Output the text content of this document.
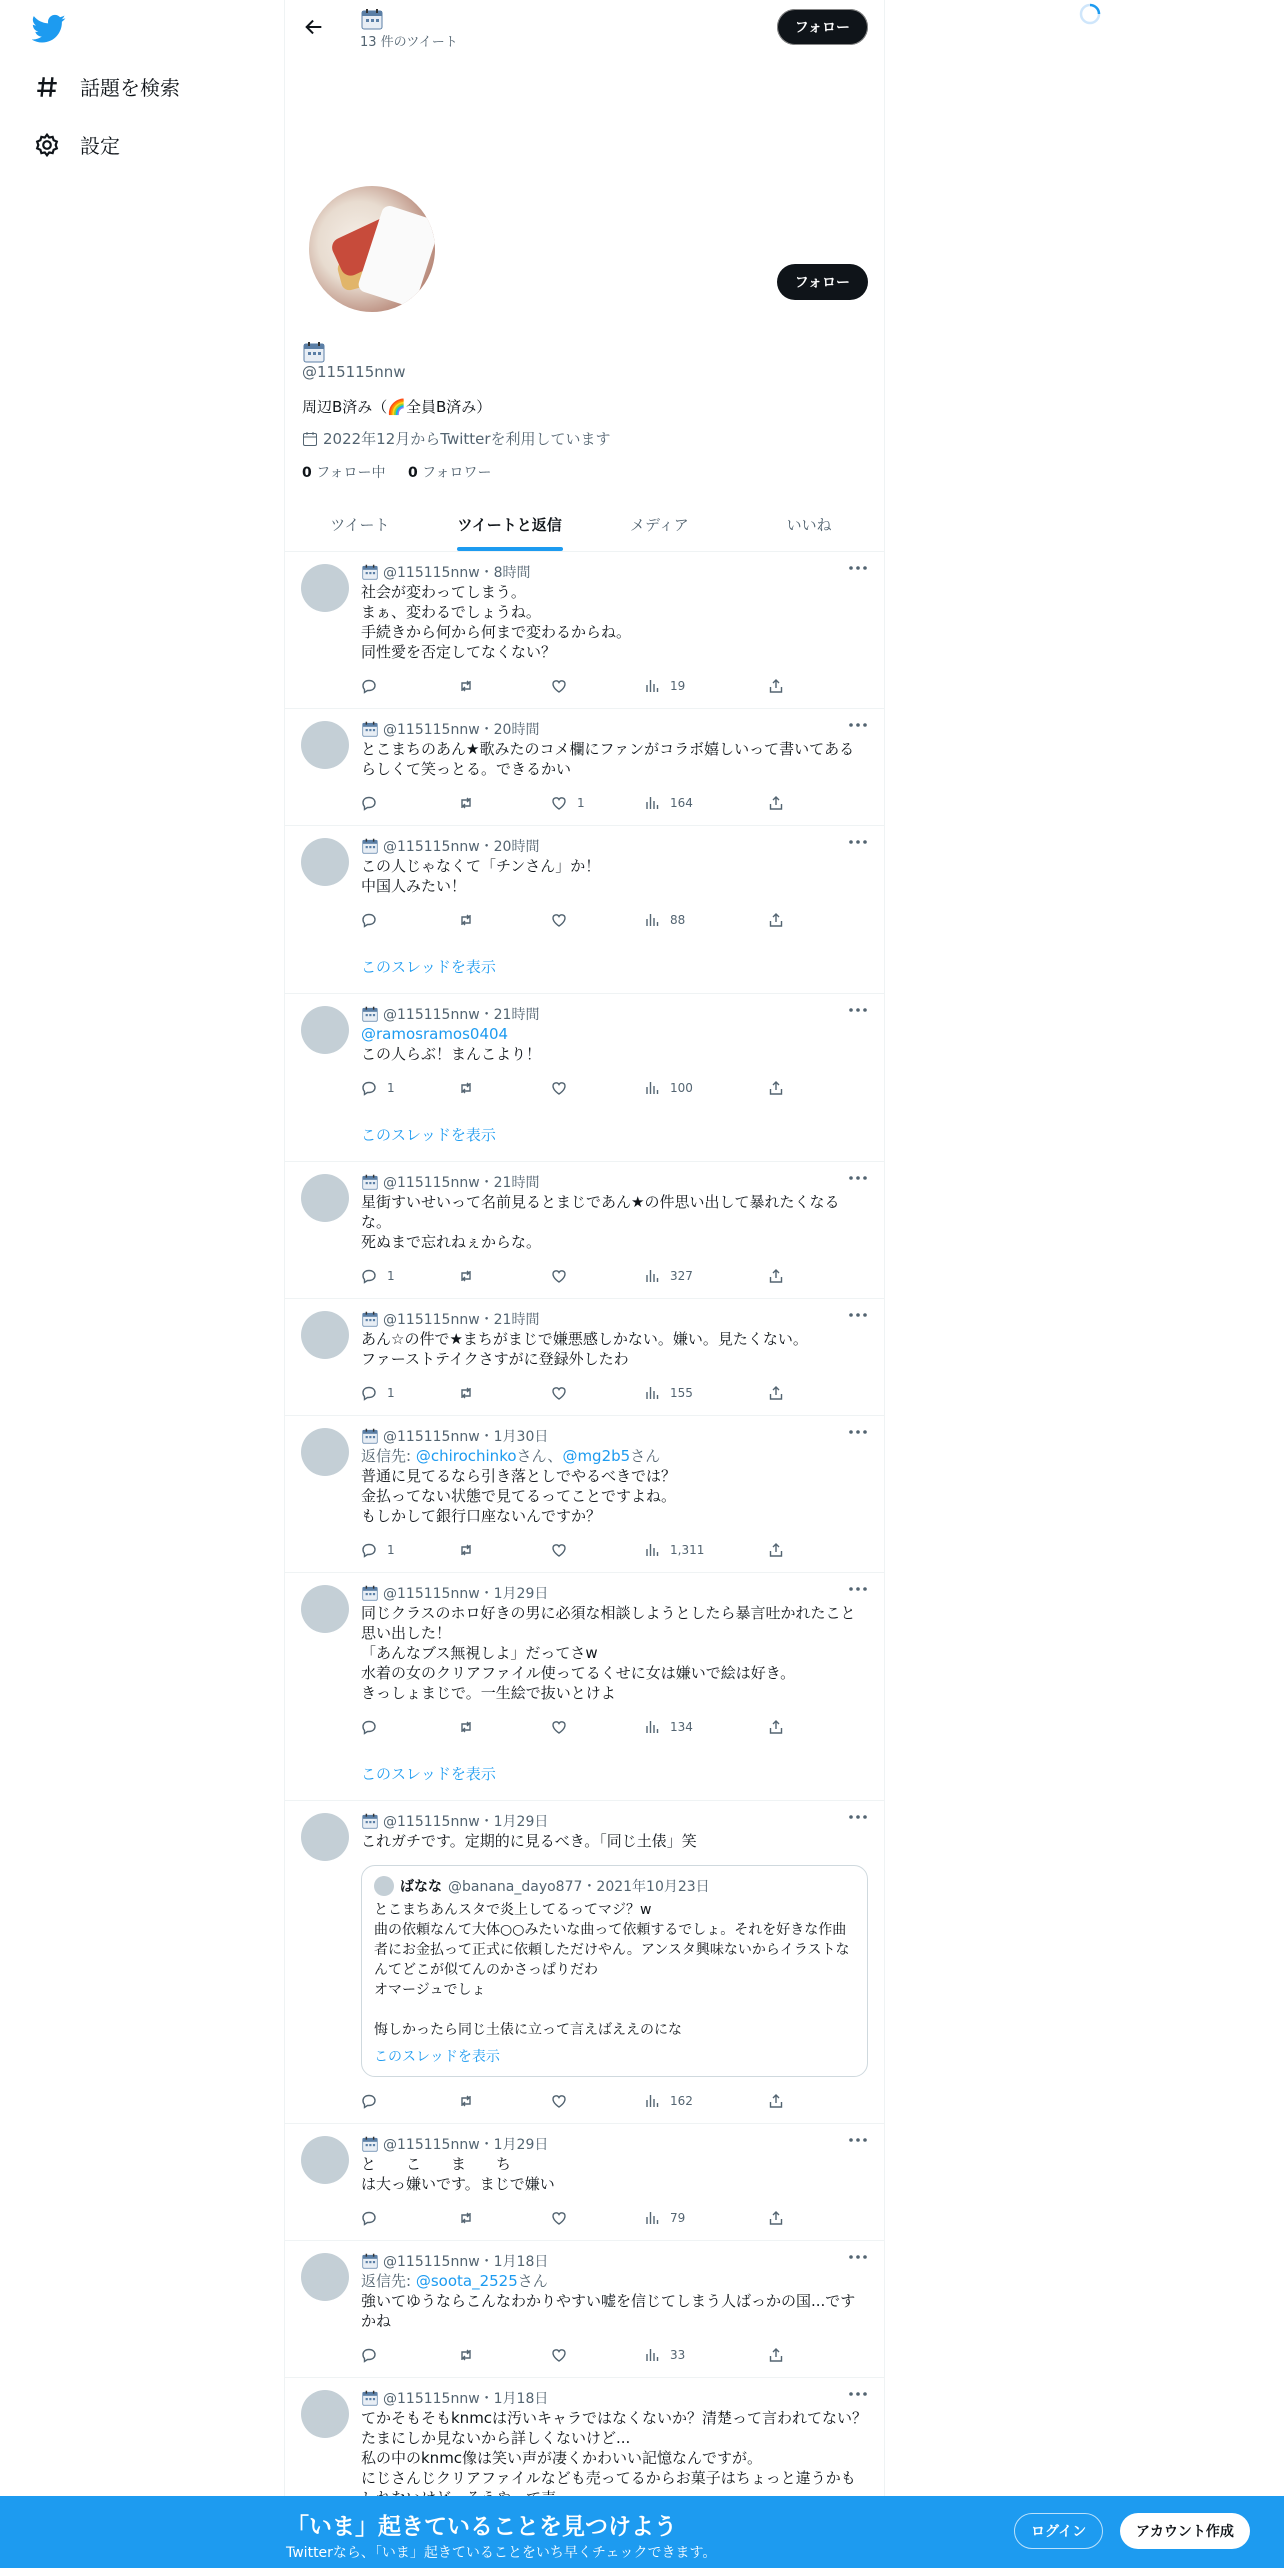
話題を検索
設定
13 件のツイート
フォロー
フォロー
@115115nnw
周辺B済み（🌈全員B済み）
2022年12月からTwitterを利用しています
0 フォロー中 0 フォロワー
ツイート	ツイートと返信	メディア	いいね
@115115nnw・8時間
社会が変わってしまう。
まぁ、変わるでしょうね。
手続きから何から何まで変わるからね。
同性愛を否定してなくない？
19
@115115nnw・20時間
とこまちのあん★歌みたのコメ欄にファンがコラボ嬉しいって書いてあるらしくて笑っとる。できるかい
1	164
@115115nnw・20時間
この人じゃなくて「チンさん」か！
中国人みたい！
88
このスレッドを表示
@115115nnw・21時間
@ramosramos0404
この人らぶ！まんこより！
1	100
このスレッドを表示
@115115nnw・21時間
星街すいせいって名前見るとまじであん★の件思い出して暴れたくなるな。
死ぬまで忘れねぇからな。
1	327
@115115nnw・21時間
あん☆の件で★まちがまじで嫌悪感しかない。嫌い。見たくない。
ファーストテイクさすがに登録外したわ
1	155
@115115nnw・1月30日
返信先: @chirochinkoさん、@mg2b5さん
普通に見てるなら引き落としでやるべきでは？
金払ってない状態で見てるってことですよね。
もしかして銀行口座ないんですか？
1	1,311
@115115nnw・1月29日
同じクラスのホロ好きの男に必須な相談しようとしたら暴言吐かれたこと思い出した！
「あんなブス無視しよ」だってさw
水着の女のクリアファイル使ってるくせに女は嫌いで絵は好き。
きっしょまじで。一生絵で抜いとけよ
134
このスレッドを表示
@115115nnw・1月29日
これガチです。定期的に見るべき。「同じ土俵」笑
ばなな @banana_dayo877・2021年10月23日
とこまちあんスタで炎上してるってマジ？w
曲の依頼なんて大体○○みたいな曲って依頼するでしょ。それを好きな作曲者にお金払って正式に依頼しただけやん。アンスタ興味ないからイラストなんてどこが似てんのかさっぱりだわ
オマージュでしょ

悔しかったら同じ土俵に立って言えばええのにな
このスレッドを表示
162
@115115nnw・1月29日
と　　こ　　ま　　ち
は大っ嫌いです。まじで嫌い
79
@115115nnw・1月18日
返信先: @soota_2525さん
強いてゆうならこんなわかりやすい嘘を信じてしまう人ばっかの国...ですかね
33
@115115nnw・1月18日
てかそもそもknmcは汚いキャラではなくないか？清楚って言われてない？
たまにしか見ないから詳しくないけど...
私の中のknmc像は笑い声が凄くかわいい記憶なんですが。
にじさんじクリアファイルなども売ってるからお菓子はちょっと違うかも
「いま」起きていることを見つけよう
Twitterなら、「いま」起きていることをいち早くチェックできます。
ログイン	アカウント作成
